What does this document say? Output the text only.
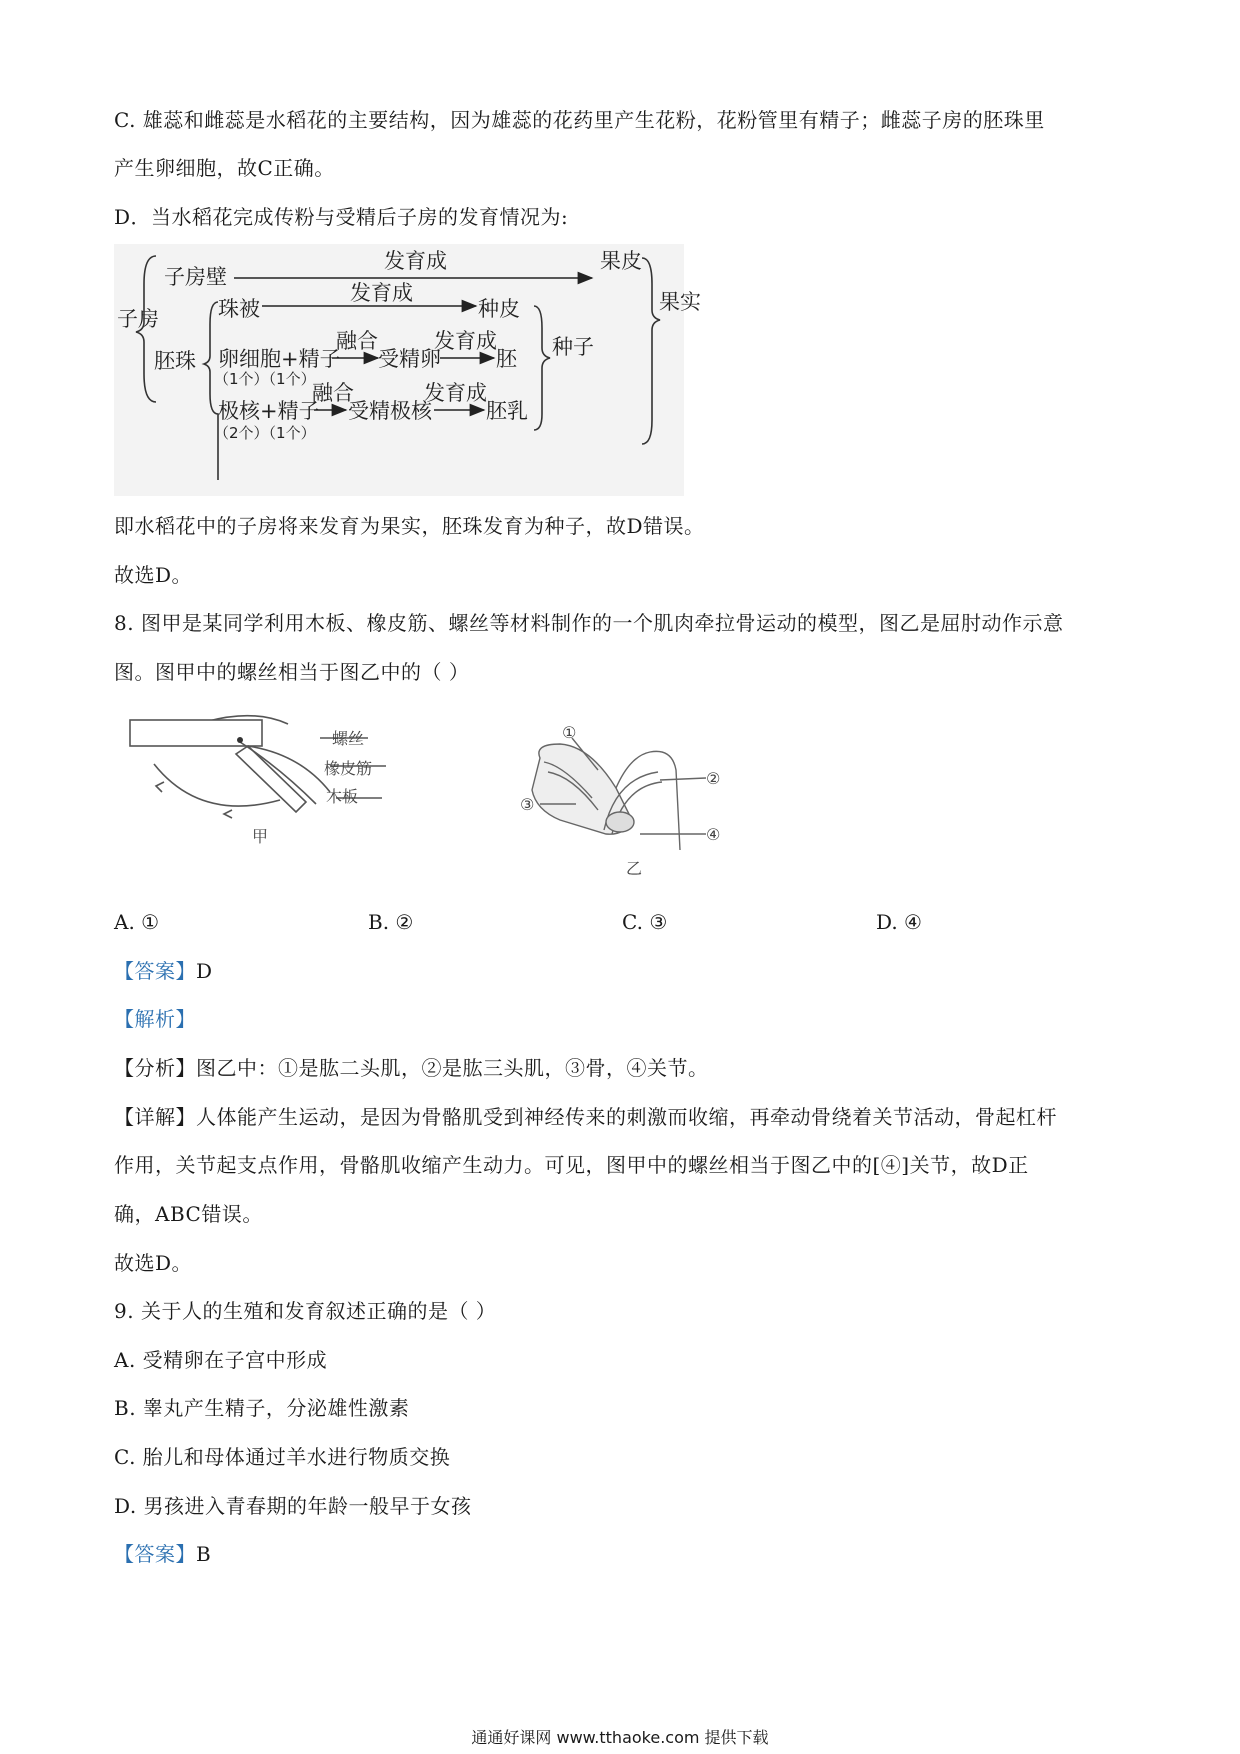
C. 雄蕊和雌蕊是水稻花的主要结构，因为雄蕊的花药里产生花粉，花粉管里有精子；雌蕊子房的胚珠里
产生卵细胞，故C正确。
D．当水稻花完成传粉与受精后子房的发育情况为:
子房
子房壁
发育成	果皮
果实
胚珠
珠被
发育成
种皮
卵细胞+精子
（1个）（1个）
融合
受精卵
发育成
胚
极核+精子
（2个）（1个）
融合
受精极核
发育成
胚乳
种子
即水稻花中的子房将来发育为果实，胚珠发育为种子，故D错误。
故选D。
8. 图甲是某同学利用木板、橡皮筋、螺丝等材料制作的一个肌肉牵拉骨运动的模型，图乙是屈肘动作示意
图。图甲中的螺丝相当于图乙中的（ ）
螺丝
橡皮筋
木板
甲
①
②
③
④
乙
A. ①	B. ②	C. ③	D. ④
【答案】D
【解析】
【分析】图乙中：①是肱二头肌，②是肱三头肌，③骨，④关节。
【详解】人体能产生运动，是因为骨骼肌受到神经传来的刺激而收缩，再牵动骨绕着关节活动，骨起杠杆
作用，关节起支点作用，骨骼肌收缩产生动力。可见，图甲中的螺丝相当于图乙中的[④]关节，故D正
确，ABC错误。
故选D。
9. 关于人的生殖和发育叙述正确的是（ ）
A. 受精卵在子宫中形成
B. 睾丸产生精子，分泌雄性激素
C. 胎儿和母体通过羊水进行物质交换
D. 男孩进入青春期的年龄一般早于女孩
【答案】B
通通好课网 www.tthaoke.com 提供下载
